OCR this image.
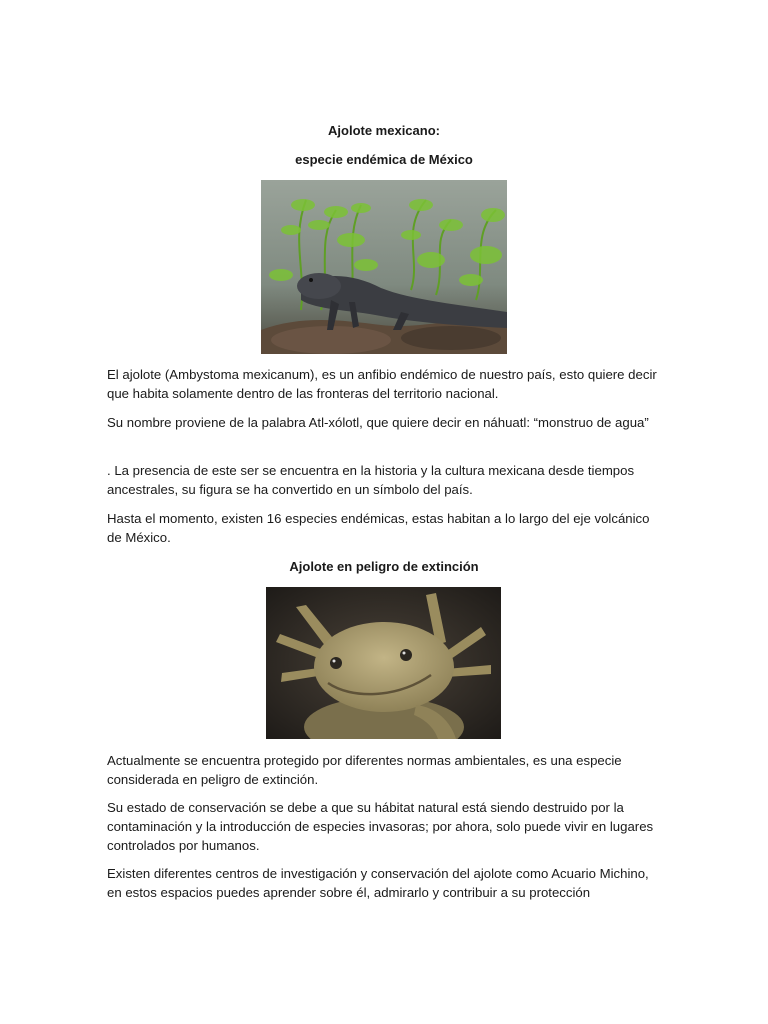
Ajolote mexicano:
especie endémica de México

El ajolote (Ambystoma mexicanum), es un anfibio endémico de nuestro país, esto quiere decir que habita solamente dentro de las fronteras del territorio nacional.

Su nombre proviene de la palabra Atl-xólotl, que quiere decir en náhuatl: “monstruo de agua”

. La presencia de este ser se encuentra en la historia y la cultura mexicana desde tiempos ancestrales, su figura se ha convertido en un símbolo del país.

Hasta el momento, existen 16 especies endémicas, estas habitan a lo largo del eje volcánico de México.

Ajolote en peligro de extinción

Actualmente se encuentra protegido por diferentes normas ambientales, es una especie considerada en peligro de extinción.

Su estado de conservación se debe a que su hábitat natural está siendo destruido por la contaminación y la introducción de especies invasoras; por ahora, solo puede vivir en lugares controlados por humanos.

Existen diferentes centros de investigación y conservación del ajolote como Acuario Michino, en estos espacios puedes aprender sobre él, admirarlo y contribuir a su protección
